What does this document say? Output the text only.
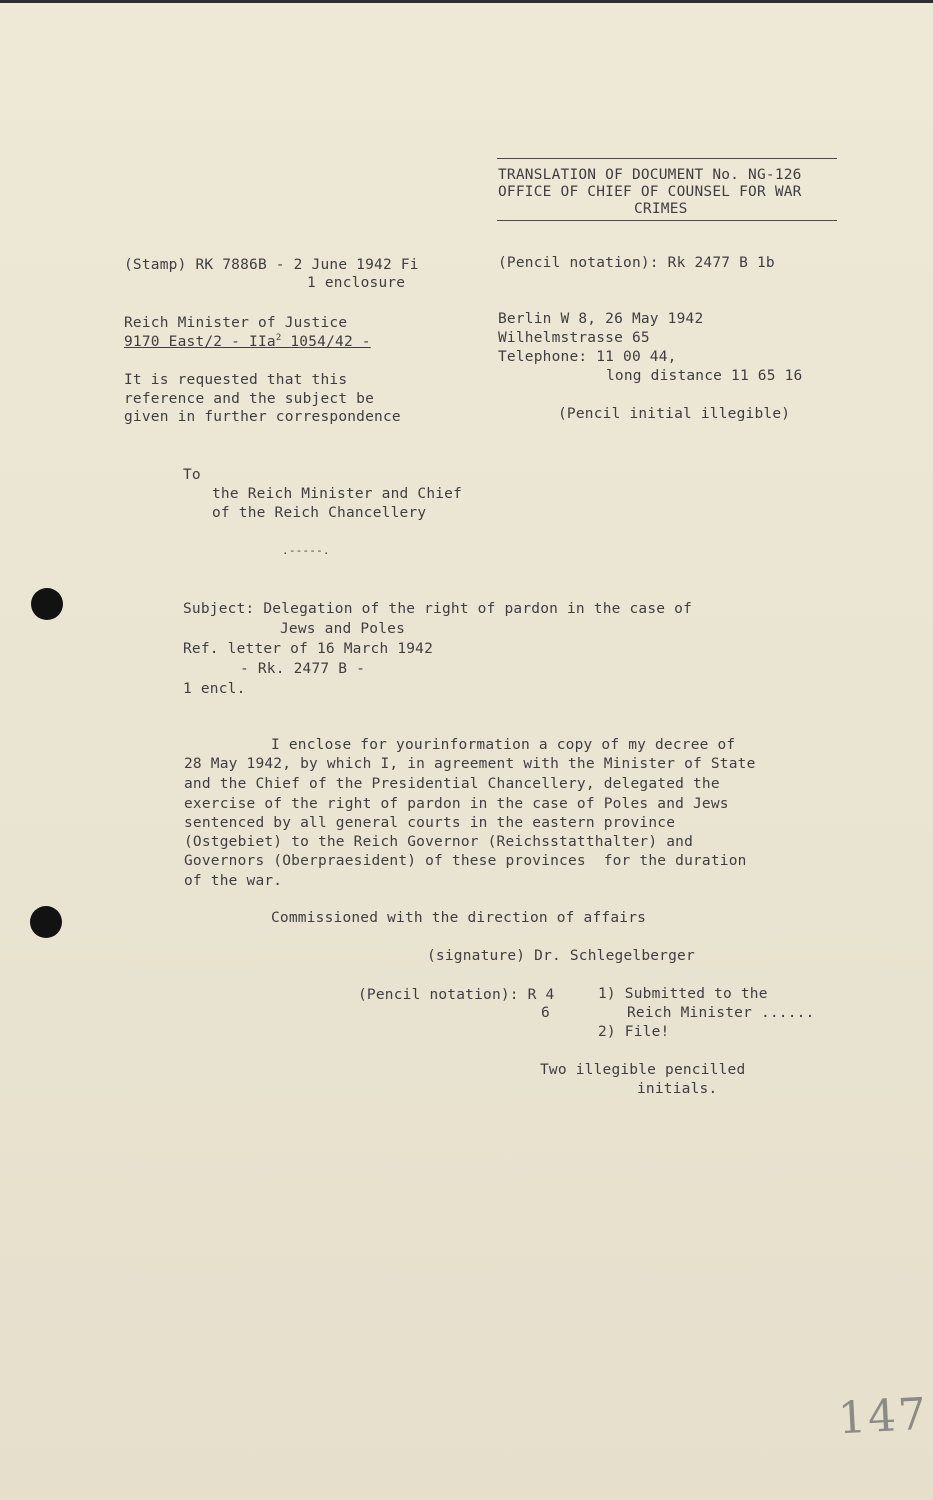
TRANSLATION OF DOCUMENT No. NG-126
OFFICE OF CHIEF OF COUNSEL FOR WAR
CRIMES
(Stamp) RK 7886B - 2 June 1942 Fi
1 enclosure
Reich Minister of Justice
9170 East/2 - IIa$^2$ 1054/42 -
It is requested that this
reference and the subject be
given in further correspondence
(Pencil notation): Rk 2477 B 1b
Berlin W 8, 26 May 1942
Wilhelmstrasse 65
Telephone: 11 00 44,
long distance 11 65 16
(Pencil initial illegible)
To
the Reich Minister and Chief
of the Reich Chancellery
.-----.
Subject: Delegation of the right of pardon in the case of
Jews and Poles
Ref. letter of 16 March 1942
- Rk. 2477 B -
1 encl.
I enclose for yourinformation a copy of my decree of
28 May 1942, by which I, in agreement with the Minister of State
and the Chief of the Presidential Chancellery, delegated the
exercise of the right of pardon in the case of Poles and Jews
sentenced by all general courts in the eastern province
(Ostgebiet) to the Reich Governor (Reichsstatthalter) and
Governors (Oberpraesident) of these provinces  for the duration
of the war.
Commissioned with the direction of affairs
(signature) Dr. Schlegelberger
(Pencil notation): R 4
6
1) Submitted to the
Reich Minister ......
2) File!
Two illegible pencilled
initials.
147
